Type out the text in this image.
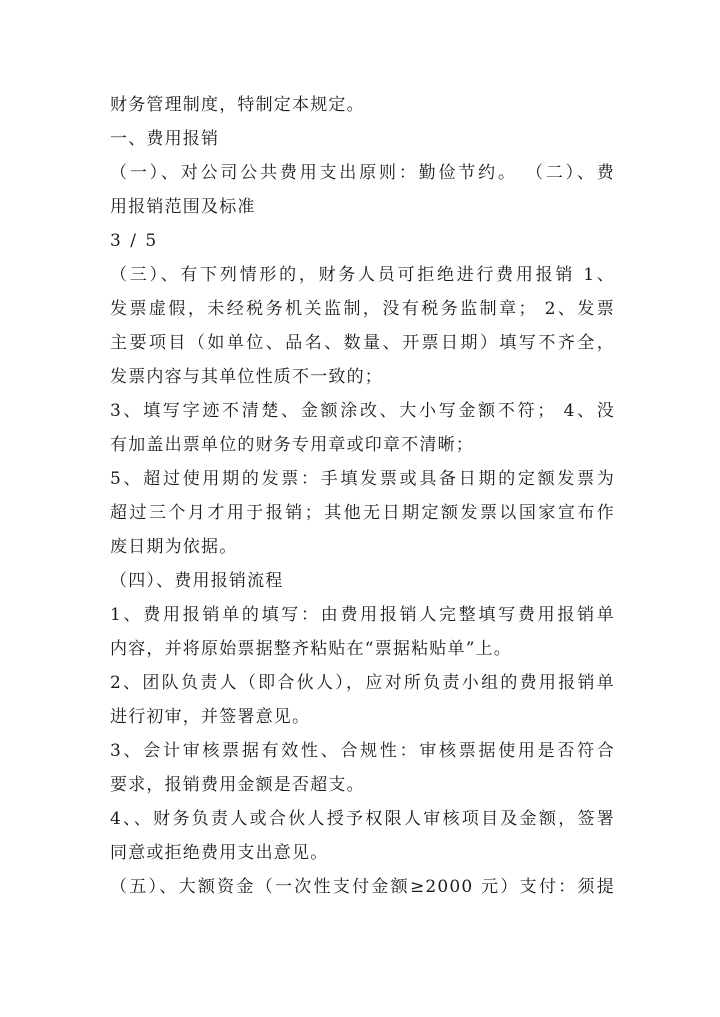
财务管理制度，特制定本规定。
一、费用报销
（一）、对公司公共费用支出原则：勤俭节约。 （二）、费
用报销范围及标准
3 / 5
（三）、有下列情形的，财务人员可拒绝进行费用报销 1、
发票虚假，未经税务机关监制，没有税务监制章； 2、发票
主要项目（如单位、品名、数量、开票日期）填写不齐全，
发票内容与其单位性质不一致的；
3、填写字迹不清楚、金额涂改、大小写金额不符； 4、没
有加盖出票单位的财务专用章或印章不清晰；
5、超过使用期的发票：手填发票或具备日期的定额发票为
超过三个月才用于报销；其他无日期定额发票以国家宣布作
废日期为依据。
（四）、费用报销流程
1、费用报销单的填写：由费用报销人完整填写费用报销单
内容，并将原始票据整齐粘贴在“票据粘贴单”上。
2、团队负责人（即合伙人），应对所负责小组的费用报销单
进行初审，并签署意见。
3、会计审核票据有效性、合规性：审核票据使用是否符合
要求，报销费用金额是否超支。
4、、财务负责人或合伙人授予权限人审核项目及金额，签署
同意或拒绝费用支出意见。
（五）、大额资金（一次性支付金额≥2000 元）支付：须提
